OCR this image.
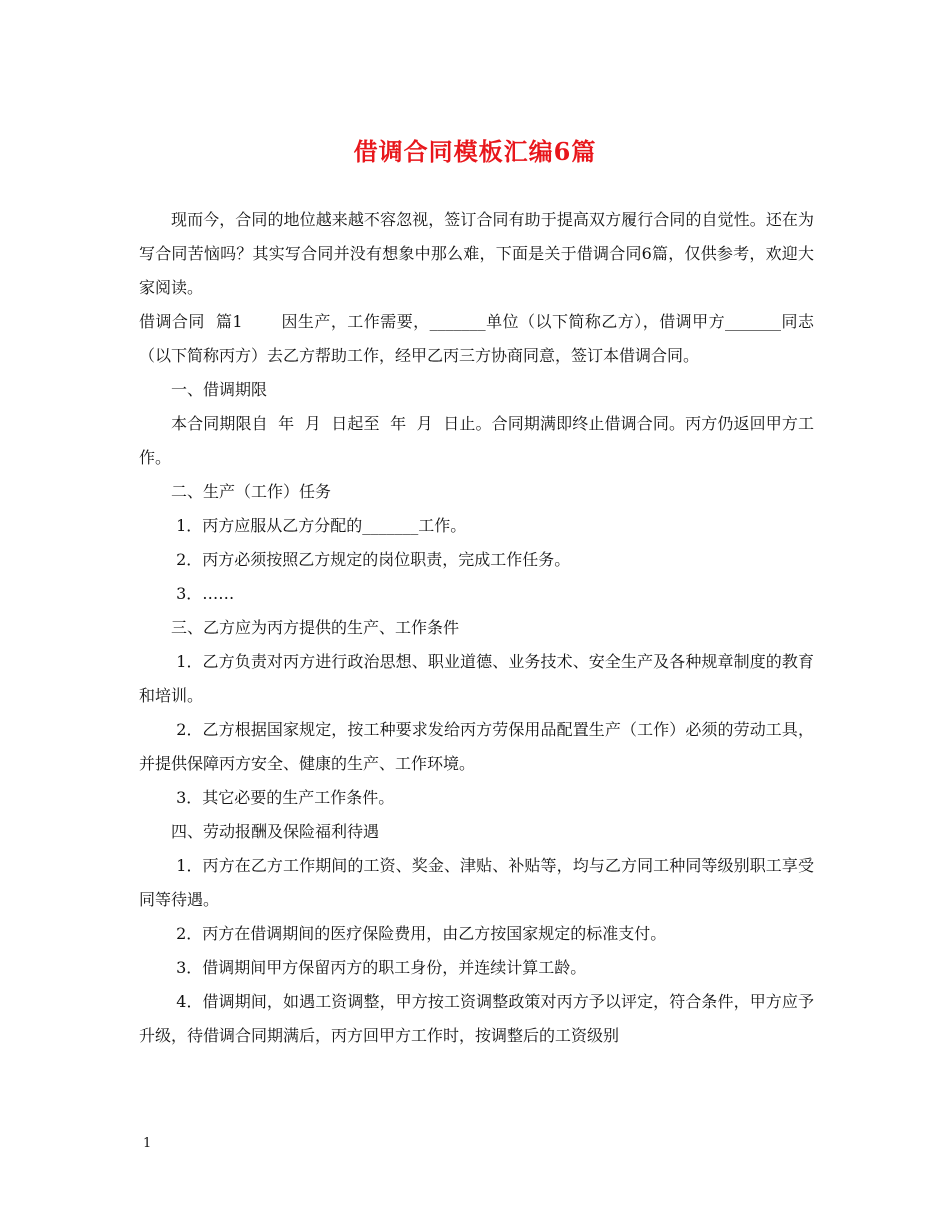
借调合同模板汇编6篇

现而今，合同的地位越来越不容忽视，签订合同有助于提高双方履行合同的自觉性。还在为写合同苦恼吗？其实写合同并没有想象中那么难，下面是关于借调合同6篇，仅供参考，欢迎大家阅读。

借调合同  篇1       因生产，工作需要，_______单位（以下简称乙方），借调甲方_______同志（以下简称丙方）去乙方帮助工作，经甲乙丙三方协商同意，签订本借调合同。

一、借调期限

本合同期限自  年  月  日起至  年  月  日止。合同期满即终止借调合同。丙方仍返回甲方工作。

二、生产（工作）任务

1．丙方应服从乙方分配的_______工作。

2．丙方必须按照乙方规定的岗位职责，完成工作任务。

3．……

三、乙方应为丙方提供的生产、工作条件

1．乙方负责对丙方进行政治思想、职业道德、业务技术、安全生产及各种规章制度的教育和培训。

2．乙方根据国家规定，按工种要求发给丙方劳保用品配置生产（工作）必须的劳动工具，并提供保障丙方安全、健康的生产、工作环境。

3．其它必要的生产工作条件。

四、劳动报酬及保险福利待遇

1．丙方在乙方工作期间的工资、奖金、津贴、补贴等，均与乙方同工种同等级别职工享受同等待遇。

2．丙方在借调期间的医疗保险费用，由乙方按国家规定的标准支付。

3．借调期间甲方保留丙方的职工身份，并连续计算工龄。

4．借调期间，如遇工资调整，甲方按工资调整政策对丙方予以评定，符合条件，甲方应予升级，待借调合同期满后，丙方回甲方工作时，按调整后的工资级别

1
